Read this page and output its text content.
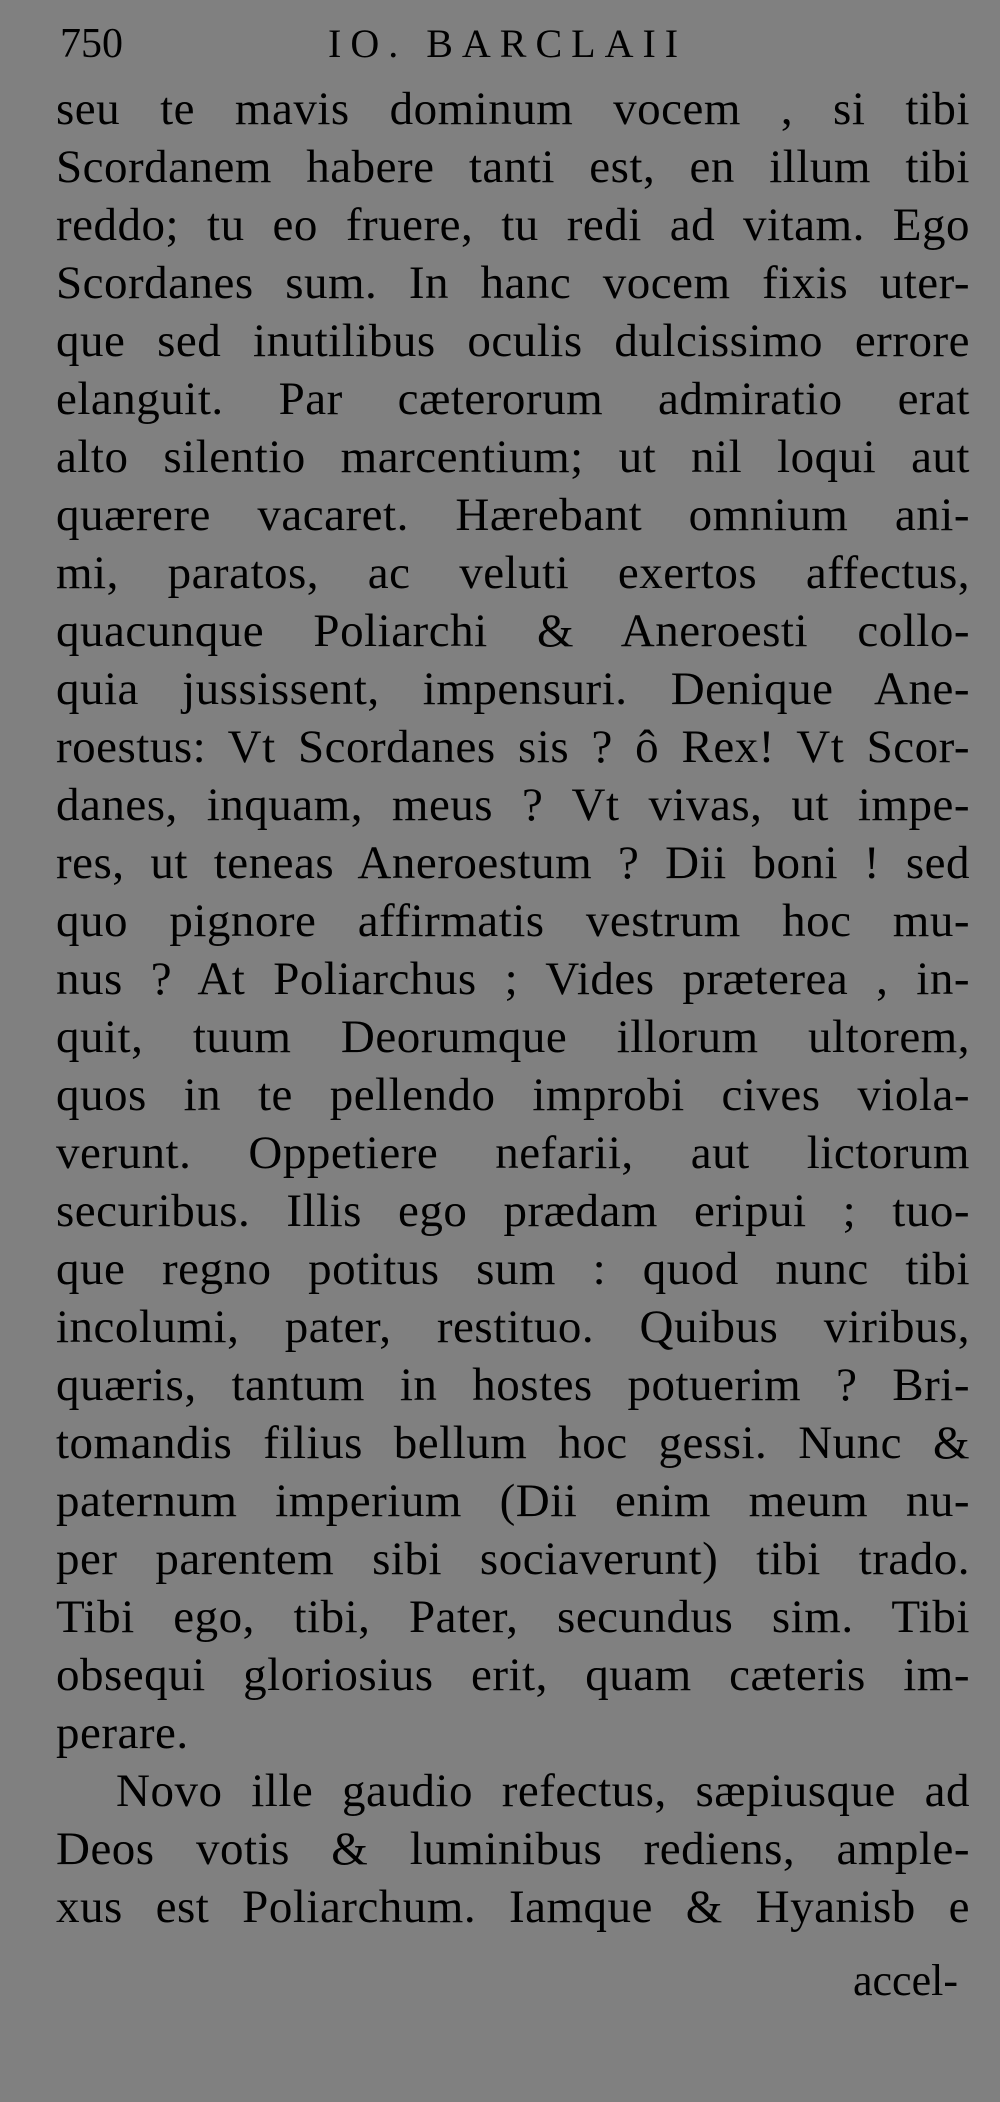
750	IO. BARCLAII
seu te mavis dominum vocem , si tibi
Scordanem habere tanti est, en illum tibi
reddo; tu eo fruere, tu redi ad vitam. Ego
Scordanes sum. In hanc vocem fixis uter-
que sed inutilibus oculis dulcissimo errore
elanguit. Par cæterorum admiratio erat
alto silentio marcentium; ut nil loqui aut
quærere vacaret. Hærebant omnium ani-
mi, paratos, ac veluti exertos affectus,
quacunque Poliarchi & Aneroesti collo-
quia jussissent, impensuri. Denique Ane-
roestus: Vt Scordanes sis ? ô Rex! Vt Scor-
danes, inquam, meus ? Vt vivas, ut impe-
res, ut teneas Aneroestum ? Dii boni ! sed
quo pignore affirmatis vestrum hoc mu-
nus ? At Poliarchus ; Vides præterea , in-
quit, tuum Deorumque illorum ultorem,
quos in te pellendo improbi cives viola-
verunt. Oppetiere nefarii, aut lictorum
securibus. Illis ego prædam eripui ; tuo-
que regno potitus sum : quod nunc tibi
incolumi, pater, restituo. Quibus viribus,
quæris, tantum in hostes potuerim ? Bri-
tomandis filius bellum hoc gessi. Nunc &
paternum imperium (Dii enim meum nu-
per parentem sibi sociaverunt) tibi trado.
Tibi ego, tibi, Pater, secundus sim. Tibi
obsequi gloriosius erit, quam cæteris im-
perare.
Novo ille gaudio refectus, sæpiusque ad
Deos votis & luminibus rediens, ample-
xus est Poliarchum. Iamque & Hyanisb e
accel-
